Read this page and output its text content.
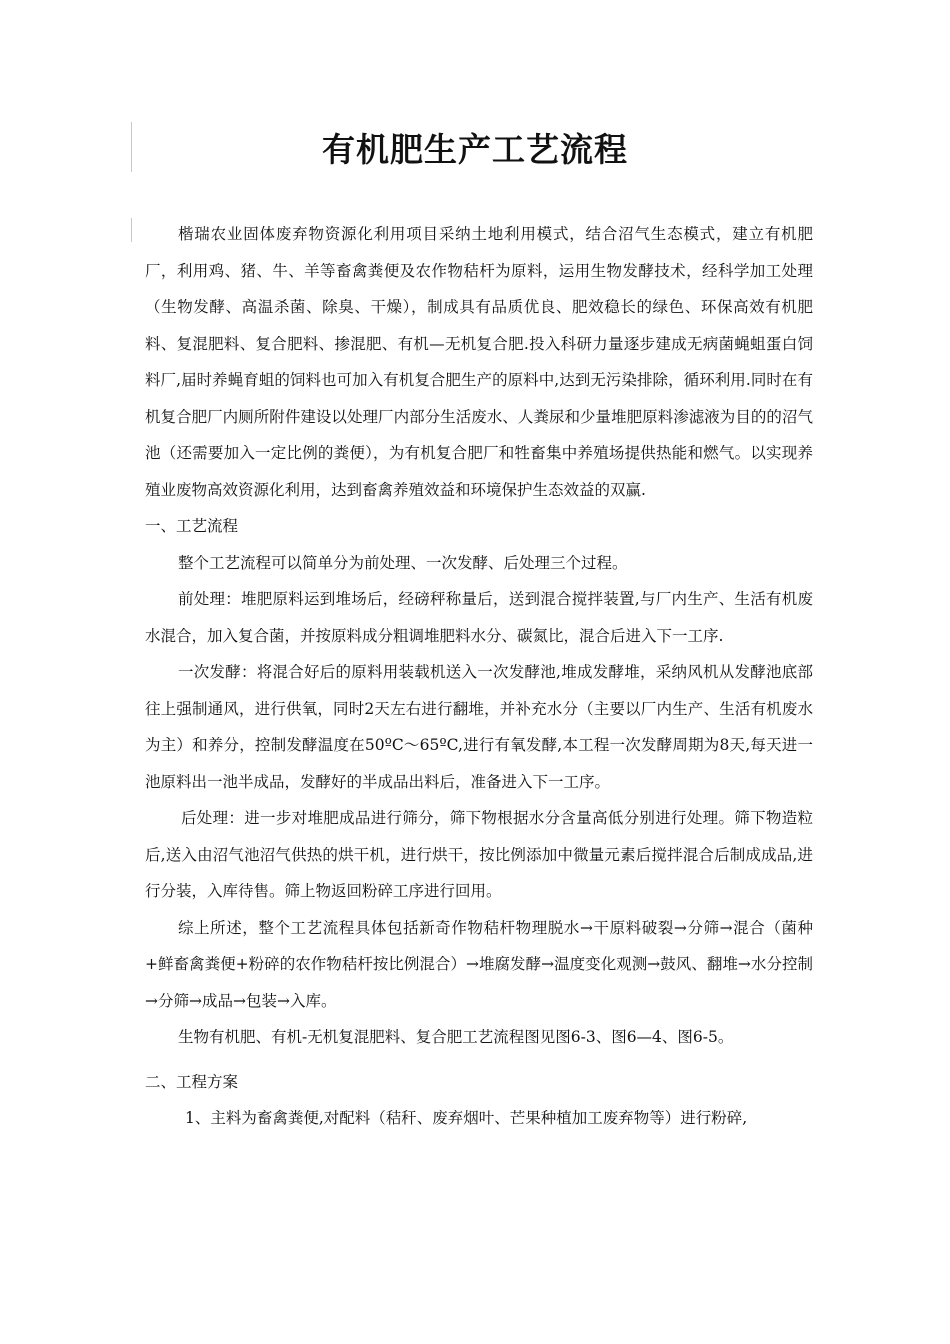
有机肥生产工艺流程

楷瑞农业固体废弃物资源化利用项目采纳土地利用模式，结合沼气生态模式，建立有机肥厂，利用鸡、猪、牛、羊等畜禽粪便及农作物秸杆为原料，运用生物发酵技术，经科学加工处理（生物发酵、高温杀菌、除臭、干燥），制成具有品质优良、肥效稳长的绿色、环保高效有机肥料、复混肥料、复合肥料、掺混肥、有机—无机复合肥.投入科研力量逐步建成无病菌蝇蛆蛋白饲料厂,届时养蝇育蛆的饲料也可加入有机复合肥生产的原料中,达到无污染排除，循环利用.同时在有机复合肥厂内厕所附件建设以处理厂内部分生活废水、人粪尿和少量堆肥原料渗滤液为目的的沼气池（还需要加入一定比例的粪便），为有机复合肥厂和牲畜集中养殖场提供热能和燃气。以实现养殖业废物高效资源化利用，达到畜禽养殖效益和环境保护生态效益的双赢.

一、工艺流程

整个工艺流程可以简单分为前处理、一次发酵、后处理三个过程。

前处理：堆肥原料运到堆场后，经磅秤称量后，送到混合搅拌装置,与厂内生产、生活有机废水混合，加入复合菌，并按原料成分粗调堆肥料水分、碳氮比，混合后进入下一工序.

一次发酵：将混合好后的原料用装载机送入一次发酵池,堆成发酵堆，采纳风机从发酵池底部往上强制通风，进行供氧，同时2天左右进行翻堆，并补充水分（主要以厂内生产、生活有机废水为主）和养分，控制发酵温度在50ºC～65ºC,进行有氧发酵,本工程一次发酵周期为8天,每天进一池原料出一池半成品，发酵好的半成品出料后，准备进入下一工序。

后处理：进一步对堆肥成品进行筛分，筛下物根据水分含量高低分别进行处理。筛下物造粒后,送入由沼气池沼气供热的烘干机，进行烘干，按比例添加中微量元素后搅拌混合后制成成品,进行分装，入库待售。筛上物返回粉碎工序进行回用。

综上所述，整个工艺流程具体包括新奇作物秸杆物理脱水→干原料破裂→分筛→混合（菌种+鲜畜禽粪便+粉碎的农作物秸杆按比例混合）→堆腐发酵→温度变化观测→鼓风、翻堆→水分控制→分筛→成品→包装→入库。

生物有机肥、有机-无机复混肥料、复合肥工艺流程图见图6-3、图6—4、图6-5。

二、工程方案

1、主料为畜禽粪便,对配料（秸秆、废弃烟叶、芒果种植加工废弃物等）进行粉碎,
